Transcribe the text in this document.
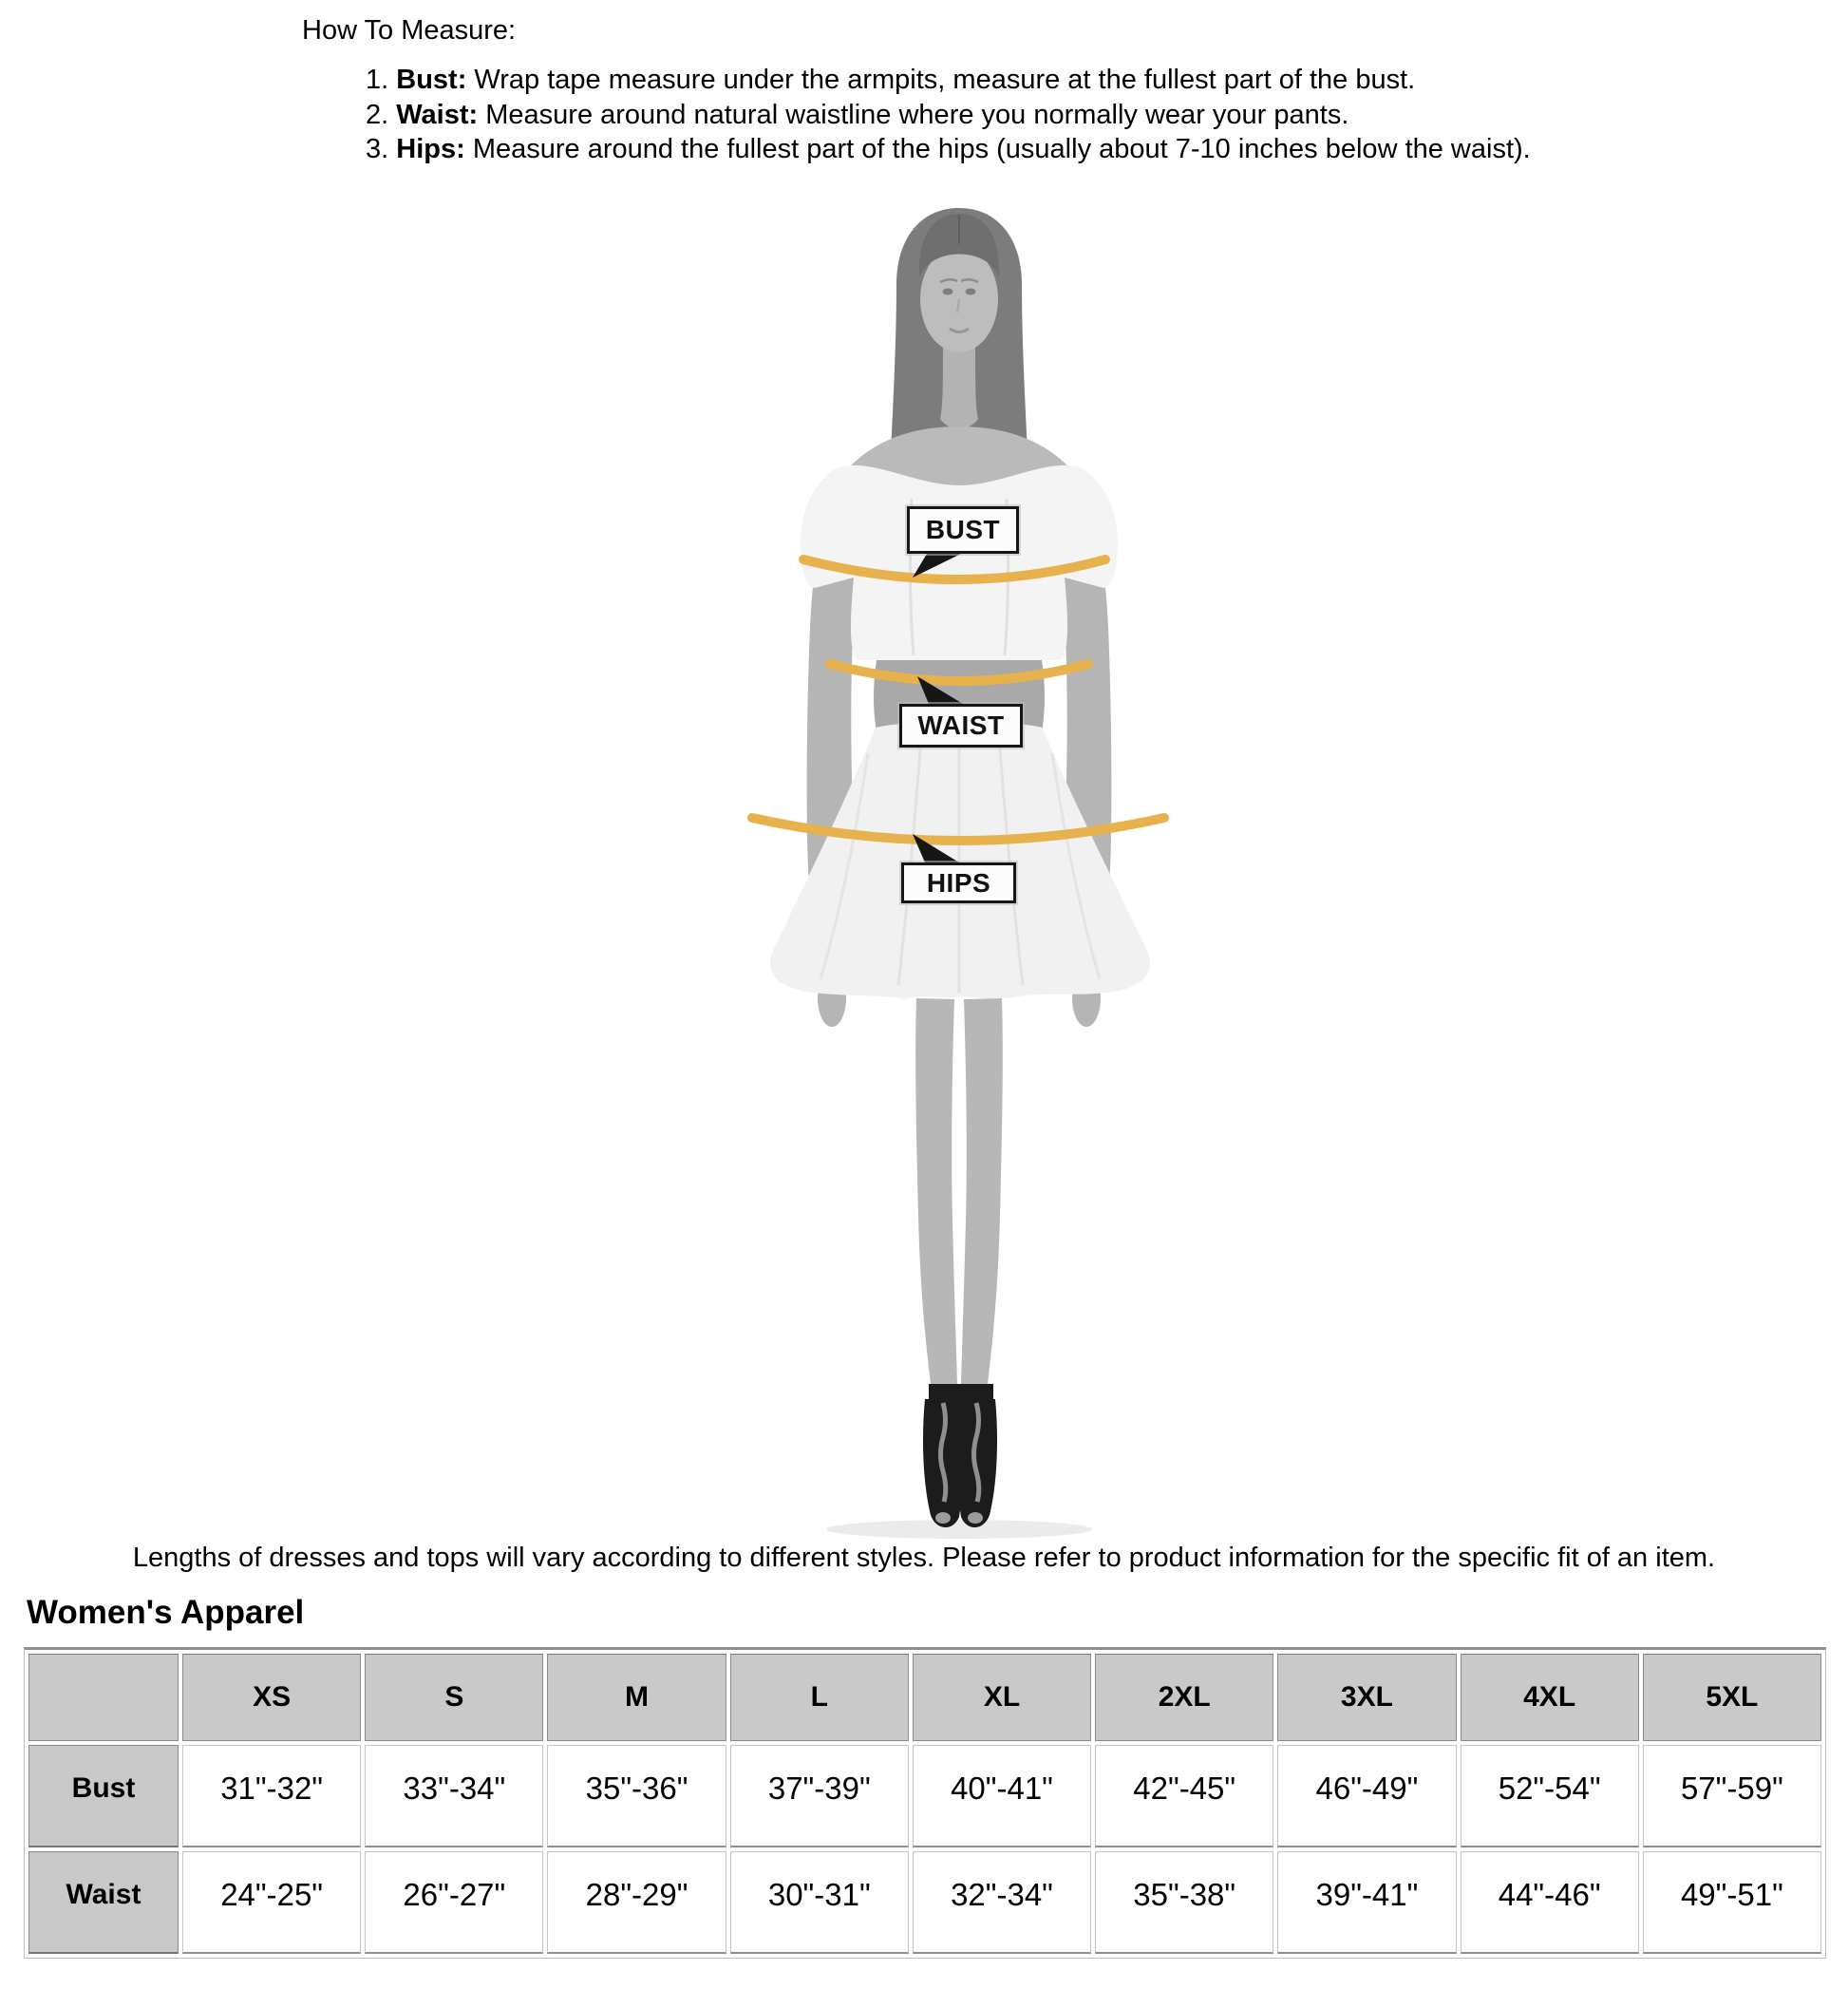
How To Measure:
1. Bust: Wrap tape measure under the armpits, measure at the fullest part of the bust.
2. Waist: Measure around natural waistline where you normally wear your pants.
3. Hips: Measure around the fullest part of the hips (usually about 7-10 inches below the waist).
BUST
WAIST
HIPS
Lengths of dresses and tops will vary according to different styles. Please refer to product information for the specific fit of an item.
Women's Apparel
	XS	S	M	L	XL	2XL	3XL	4XL	5XL
Bust	31"-32"	33"-34"	35"-36"	37"-39"	40"-41"	42"-45"	46"-49"	52"-54"	57"-59"
Waist	24"-25"	26"-27"	28"-29"	30"-31"	32"-34"	35"-38"	39"-41"	44"-46"	49"-51"
